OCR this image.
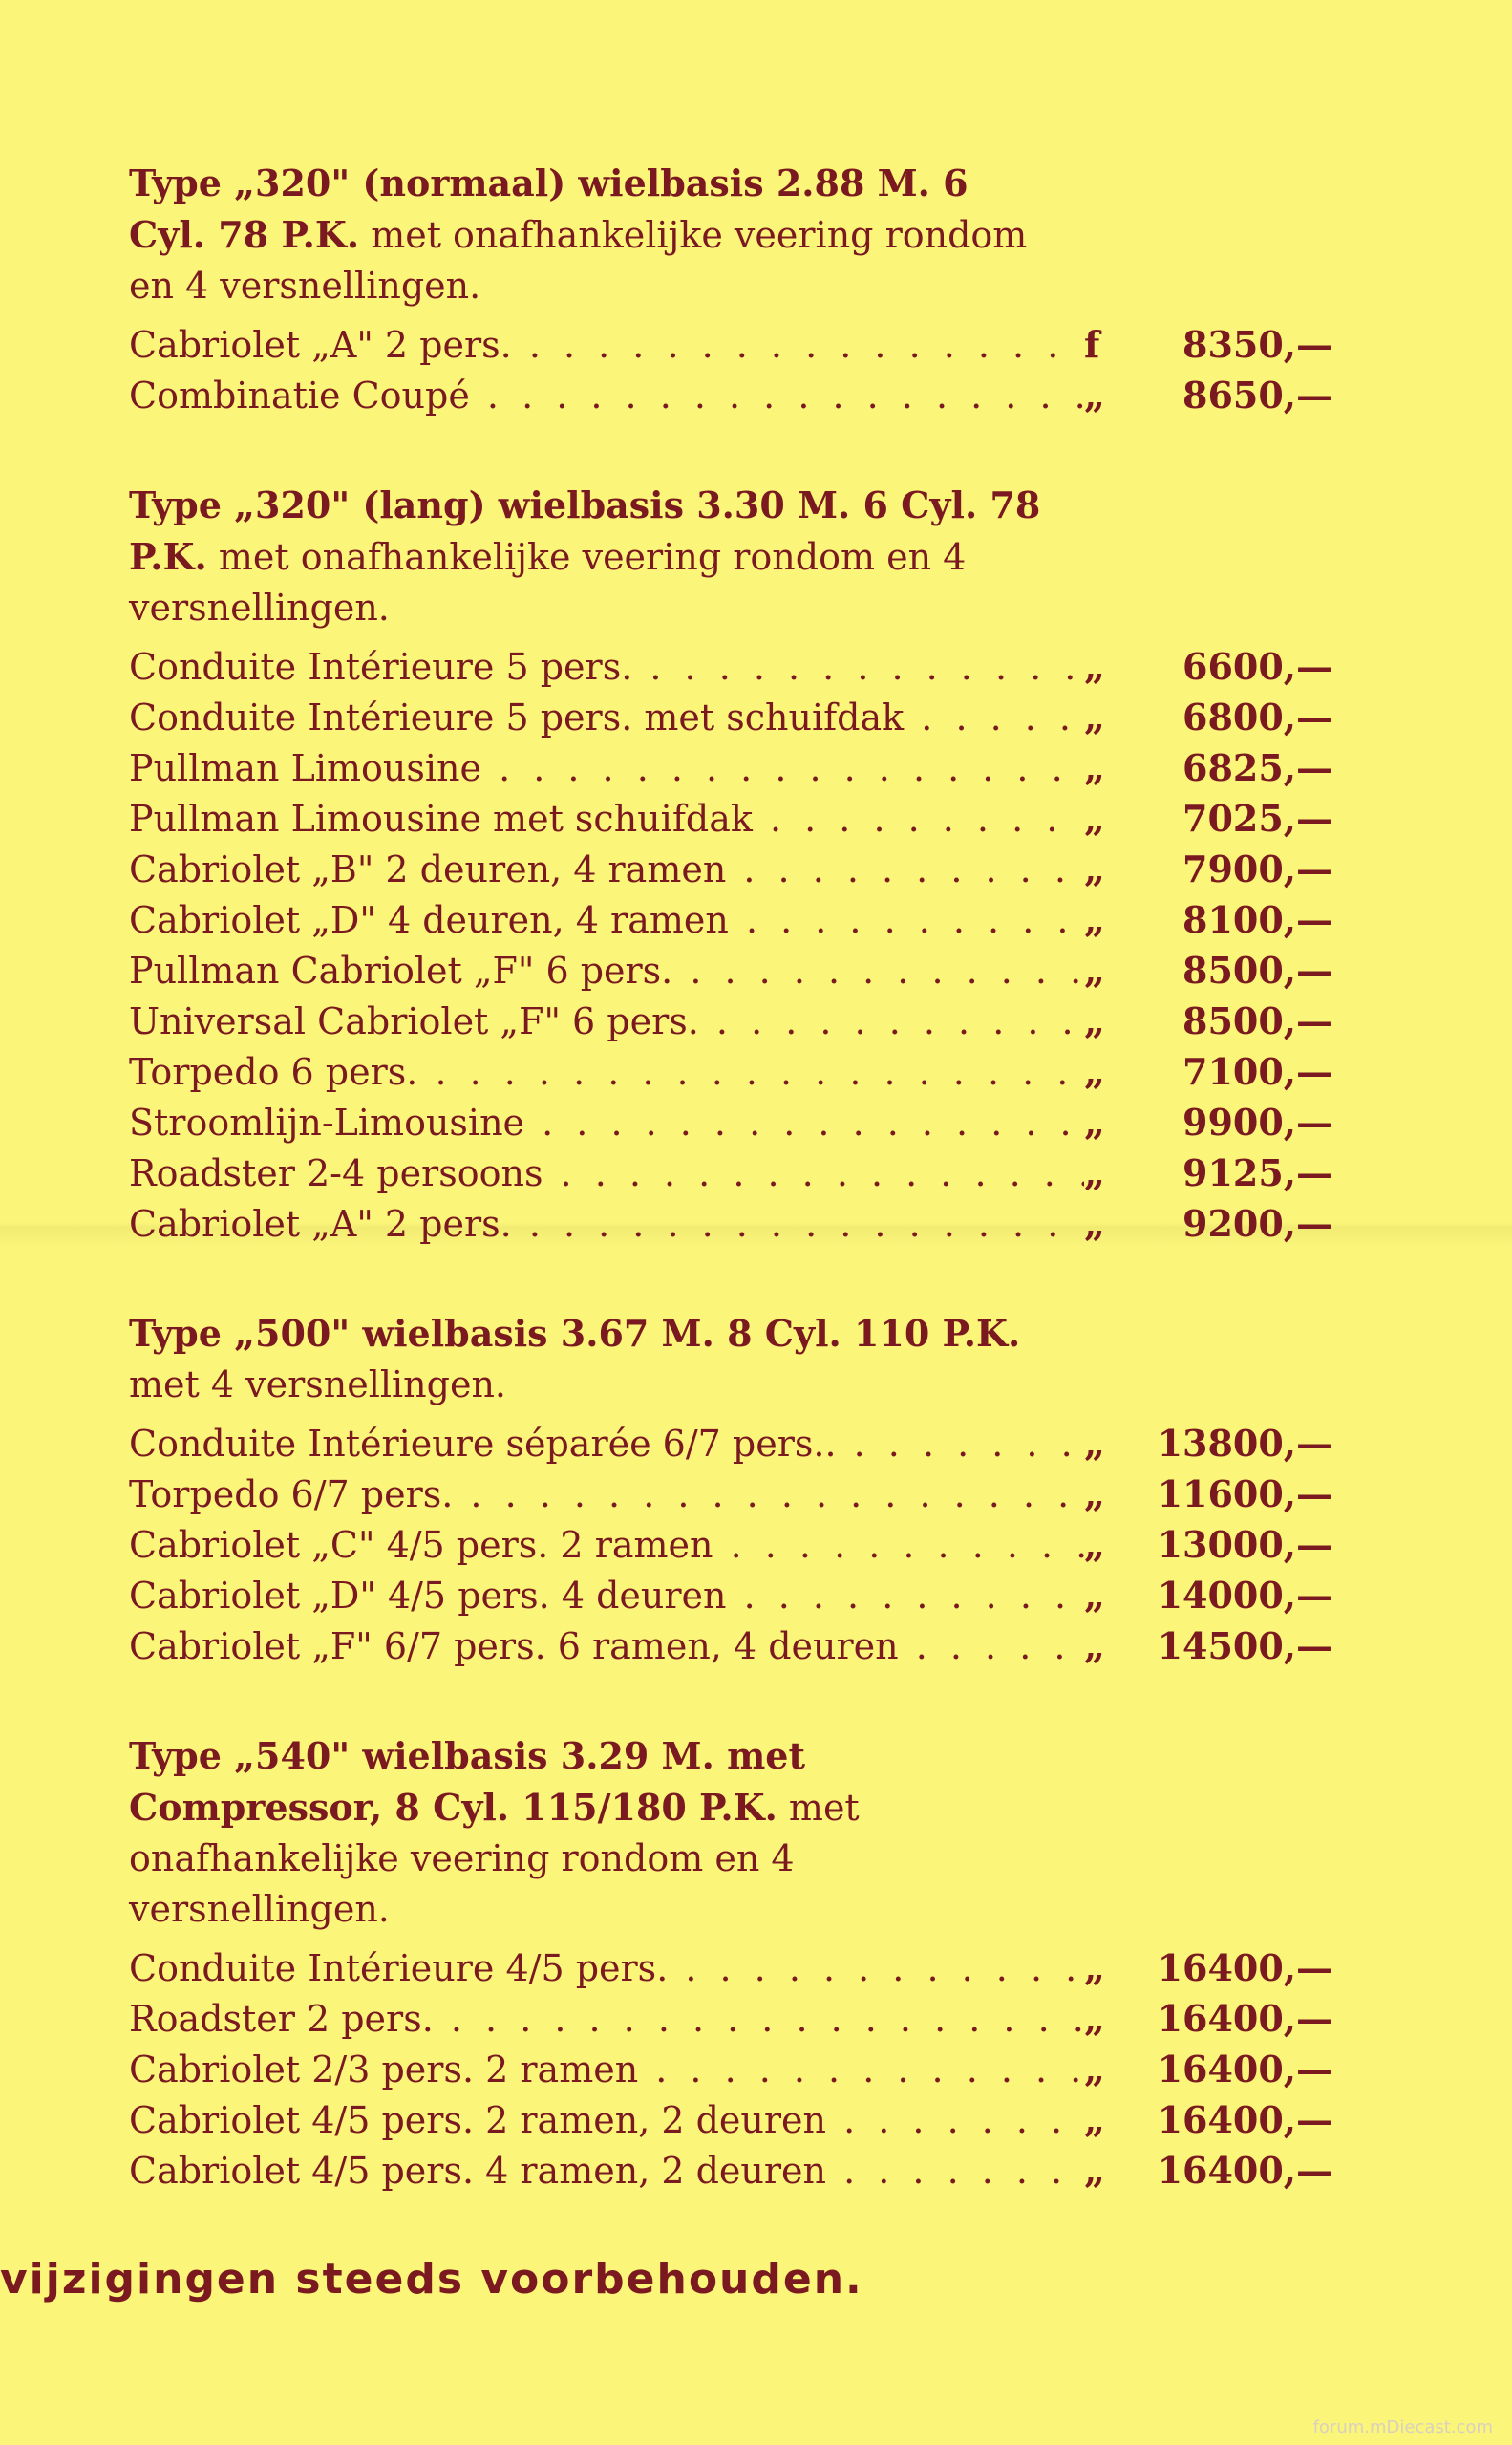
Type „320" (normaal) wielbasis 2.88 M. 6 Cyl. 78 P.K. met onafhankelijke veering rondom en 4 versnellingen.
Cabriolet „A" 2 pers. . . .	f	8350,—
Combinatie Coupé . . .	„	8650,—
Type „320" (lang) wielbasis 3.30 M. 6 Cyl. 78 P.K. met onafhankelijke veering rondom en 4 versnellingen.
Conduite Intérieure 5 pers. . . .	„	6600,—
Conduite Intérieure 5 pers. met schuifdak . . .	„	6800,—
Pullman Limousine . . .	„	6825,—
Pullman Limousine met schuifdak . . .	„	7025,—
Cabriolet „B" 2 deuren, 4 ramen . . .	„	7900,—
Cabriolet „D" 4 deuren, 4 ramen . . .	„	8100,—
Pullman Cabriolet „F" 6 pers. . . .	„	8500,—
Universal Cabriolet „F" 6 pers. . . .	„	8500,—
Torpedo 6 pers. . . .	„	7100,—
Stroomlijn-Limousine . . .	„	9900,—
Roadster 2-4 persoons . . .	„	9125,—
Cabriolet „A" 2 pers. . . .	„	9200,—
Type „500" wielbasis 3.67 M. 8 Cyl. 110 P.K. met 4 versnellingen.
Conduite Intérieure séparée 6/7 pers.. . . .	„	13800,—
Torpedo 6/7 pers. . . .	„	11600,—
Cabriolet „C" 4/5 pers. 2 ramen . . .	„	13000,—
Cabriolet „D" 4/5 pers. 4 deuren . . .	„	14000,—
Cabriolet „F" 6/7 pers. 6 ramen, 4 deuren . . .	„	14500,—
Type „540" wielbasis 3.29 M. met Compressor, 8 Cyl. 115/180 P.K. met onafhankelijke veering rondom en 4 versnellingen.
Conduite Intérieure 4/5 pers. . . .	„	16400,—
Roadster 2 pers. . . .	„	16400,—
Cabriolet 2/3 pers. 2 ramen . . .	„	16400,—
Cabriolet 4/5 pers. 2 ramen, 2 deuren . . .	„	16400,—
Cabriolet 4/5 pers. 4 ramen, 2 deuren . . .	„	16400,—
vijzigingen steeds voorbehouden.
forum.mDiecast.com
